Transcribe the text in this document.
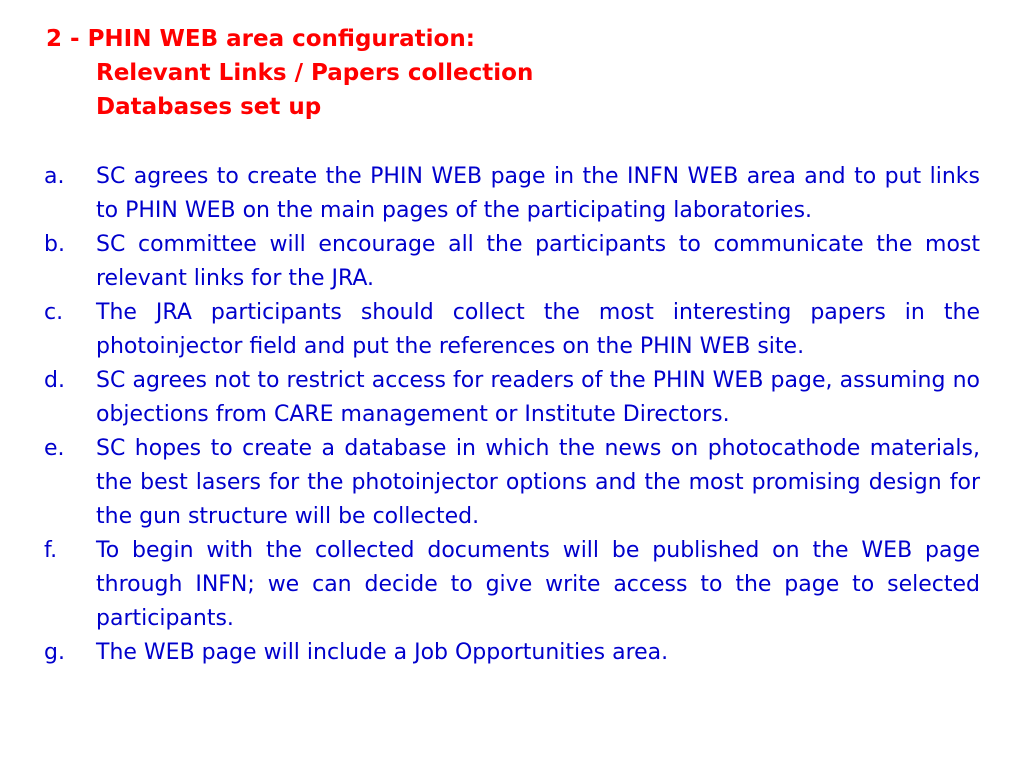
2 - PHIN WEB area configuration:
Relevant Links / Papers collection
Databases set up
a. SC agrees to create the PHIN WEB page in the INFN WEB area and to put links to PHIN WEB on the main pages of the participating laboratories.
b. SC committee will encourage all the participants to communicate the most relevant links for the JRA.
c. The JRA participants should collect the most interesting papers in the photoinjector field and put the references on the PHIN WEB site.
d. SC agrees not to restrict access for readers of the PHIN WEB page, assuming no objections from CARE management or Institute Directors.
e. SC hopes to create a database in which the news on photocathode materials, the best lasers for the photoinjector options and the most promising design for the gun structure will be collected.
f. To begin with the collected documents will be published on the WEB page through INFN; we can decide to give write access to the page to selected participants.
g. The WEB page will include a Job Opportunities area.
